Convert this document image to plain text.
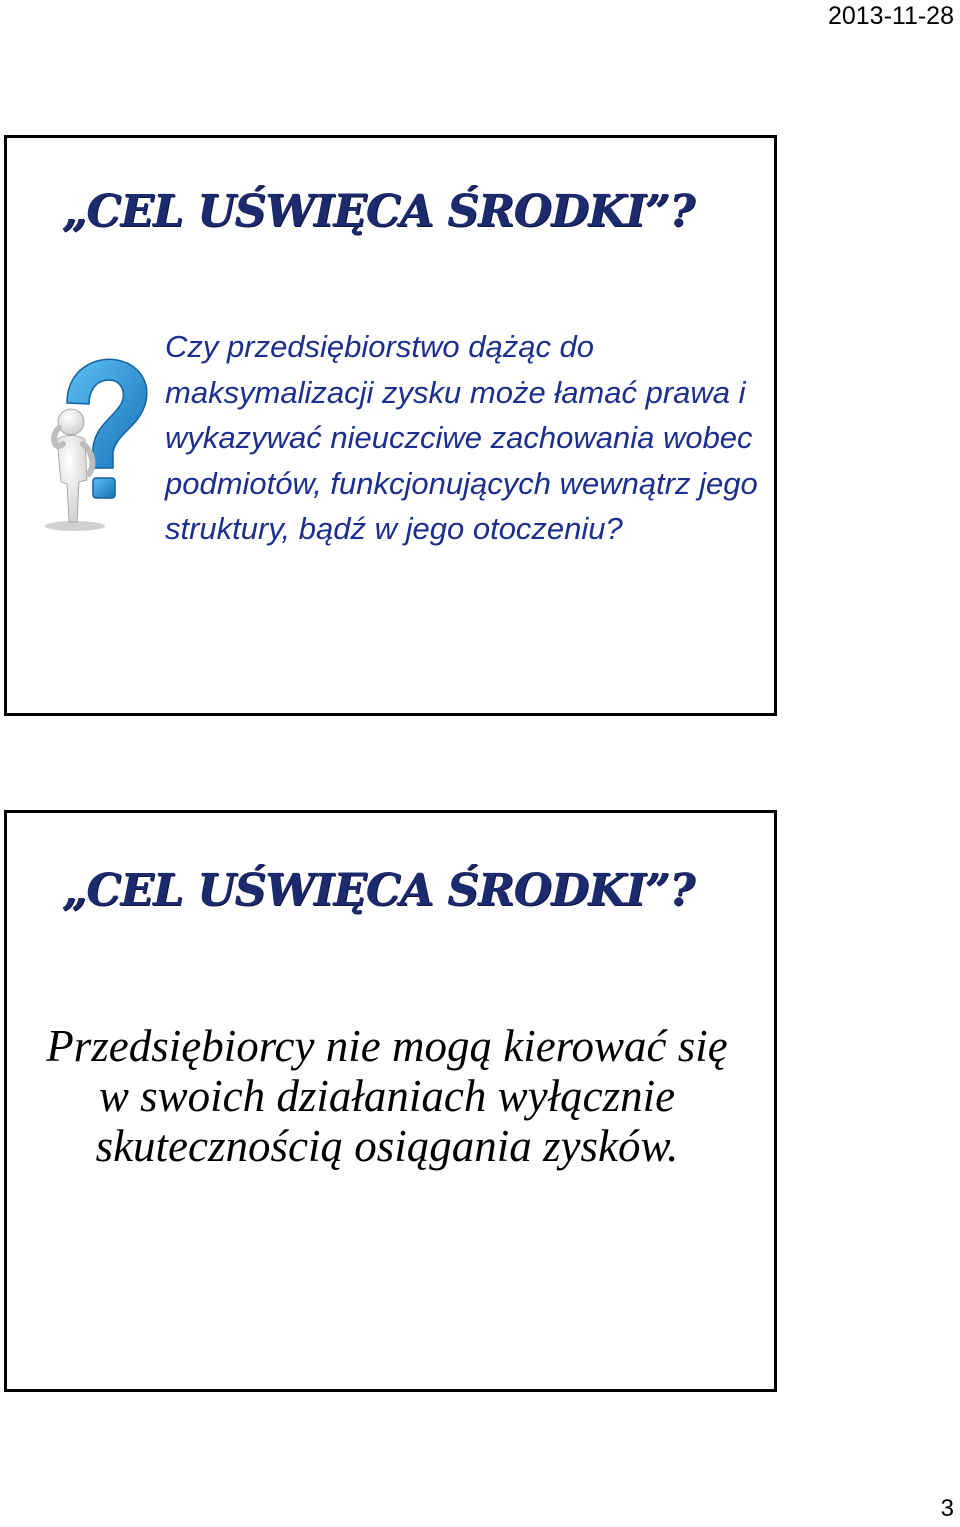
2013-11-28
„CEL UŚWIĘCA ŚRODKI”?

Czy przedsiębiorstwo dążąc do maksymalizacji zysku może łamać prawa i wykazywać nieuczciwe zachowania wobec podmiotów, funkcjonujących wewnątrz jego struktury, bądź w jego otoczeniu?

„CEL UŚWIĘCA ŚRODKI”?

Przedsiębiorcy nie mogą kierować się w swoich działaniach wyłącznie skutecznością osiągania zysków.

3
